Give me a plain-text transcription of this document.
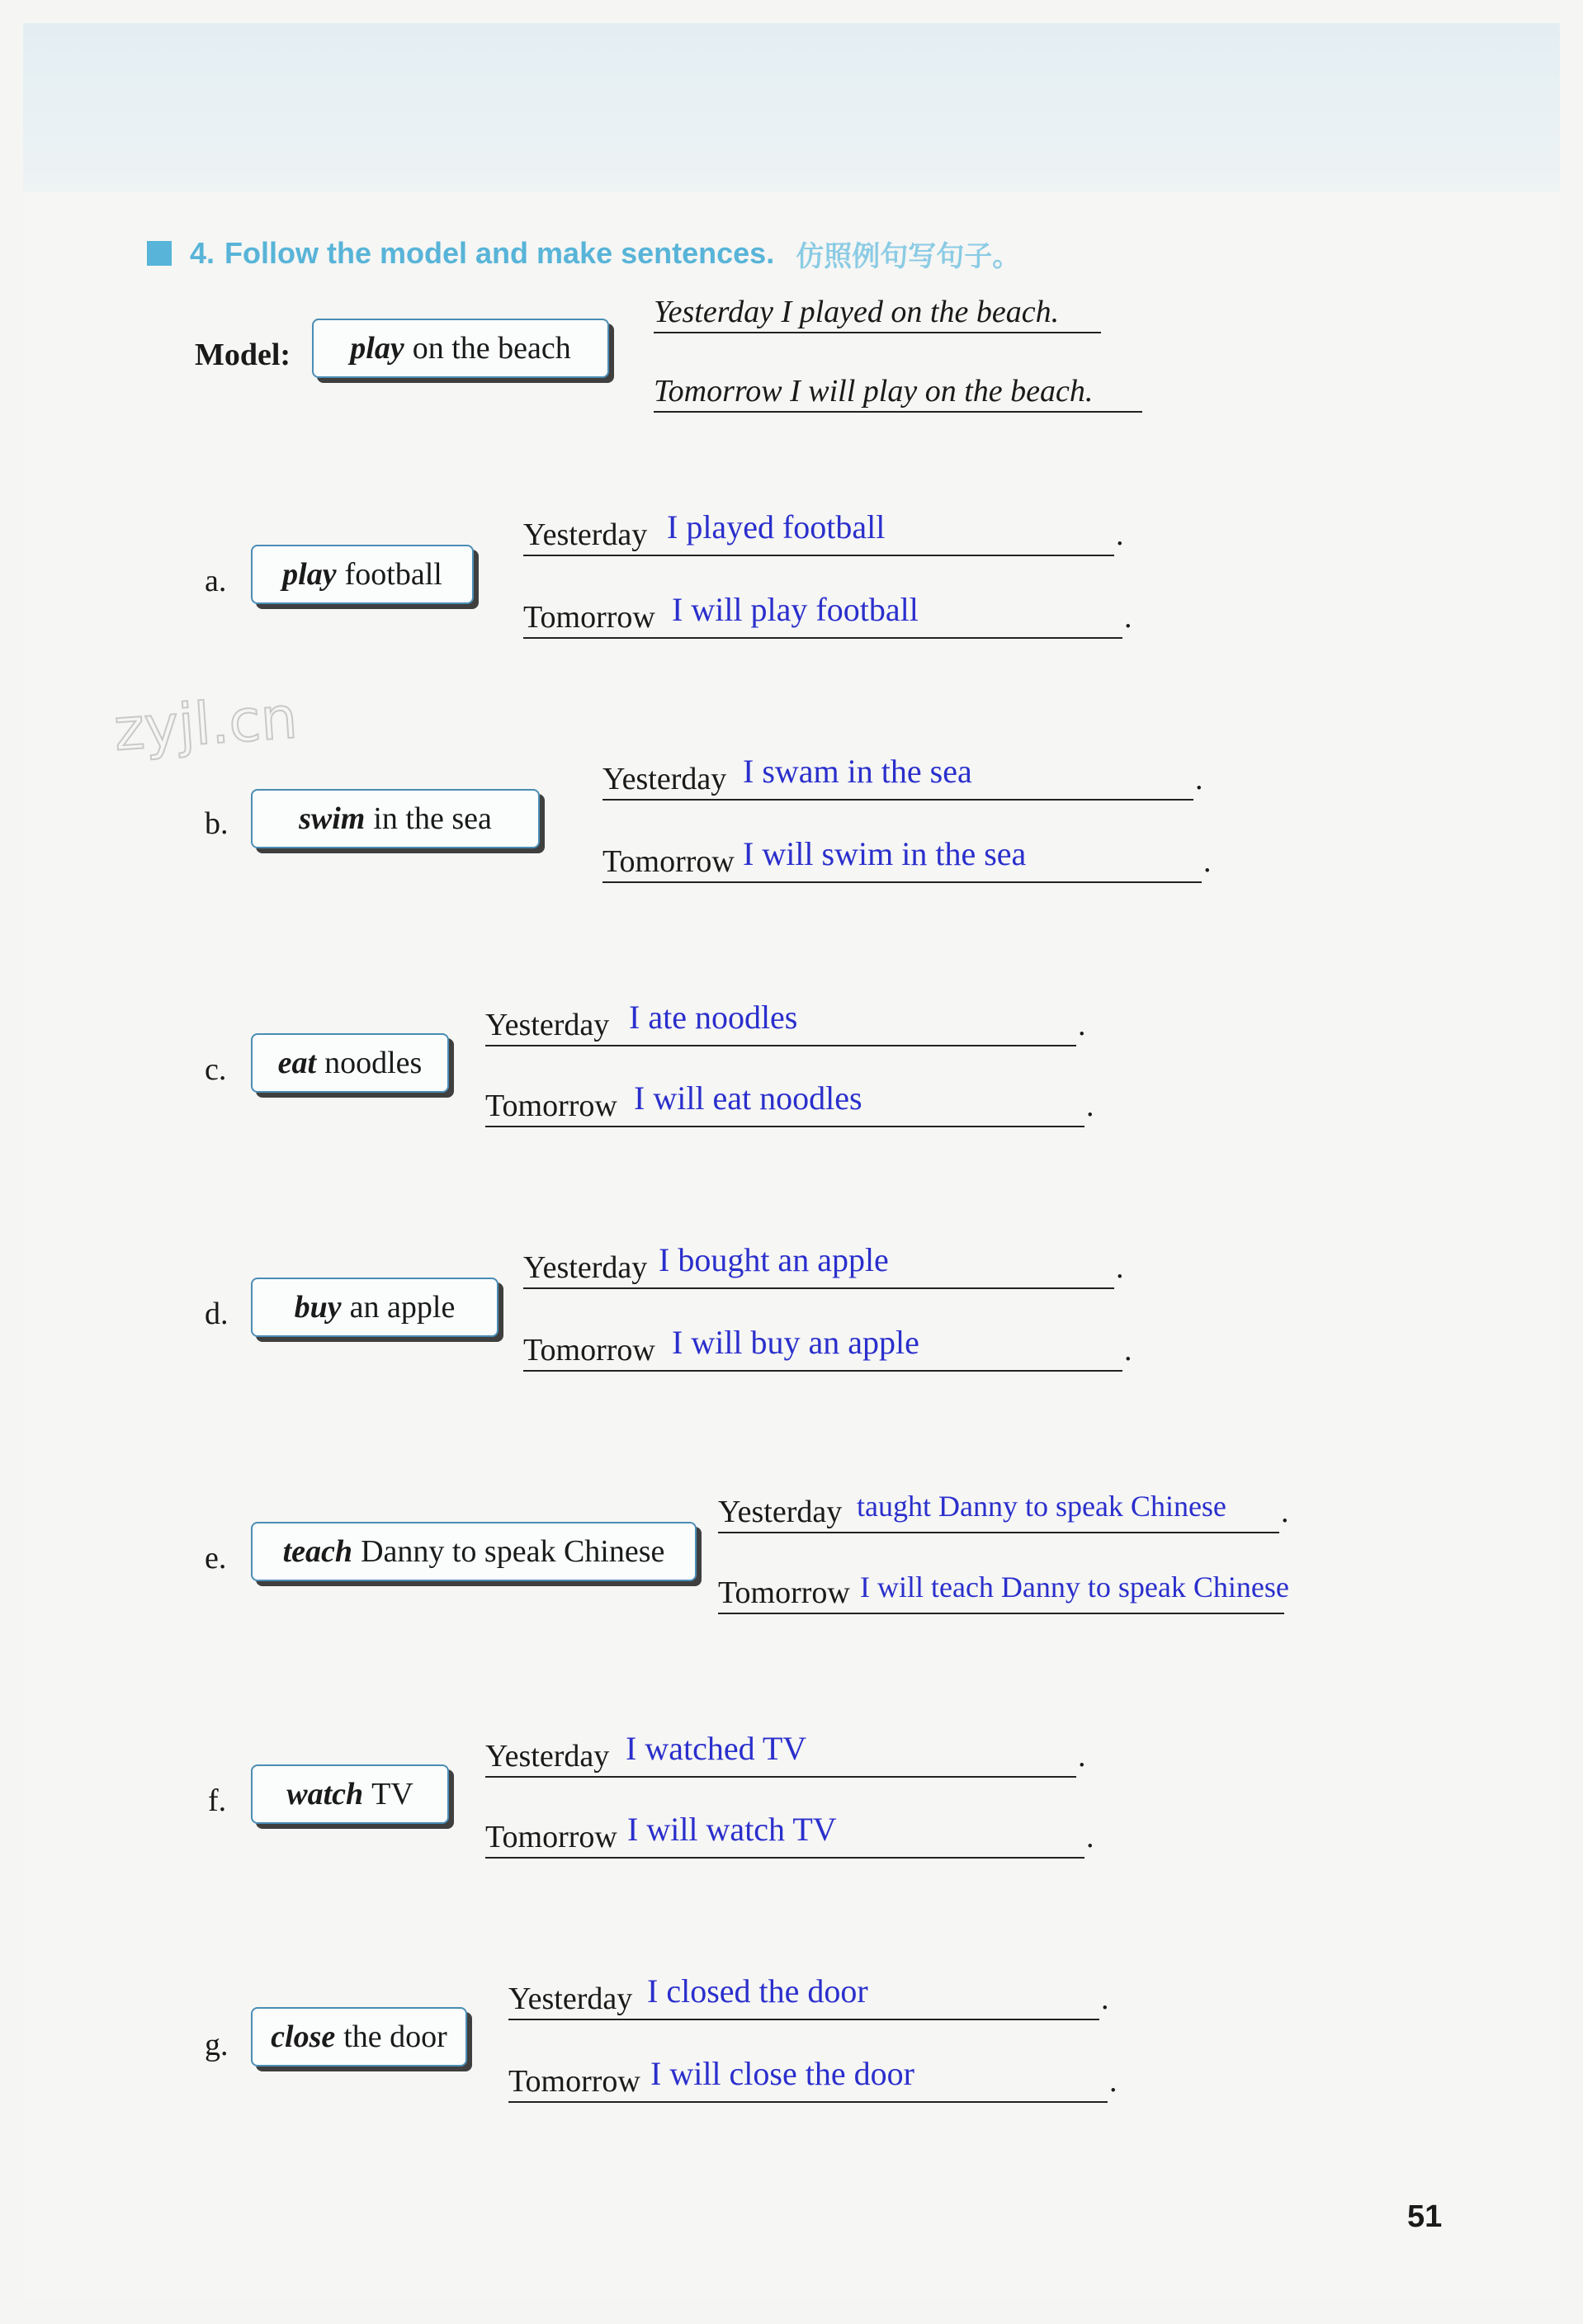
4. Follow the model and make sentences. 仿照例句写句子。
Model: play on the beach
Yesterday I played on the beach.
Tomorrow I will play on the beach.
zyjl.cn
a. play football
Yesterday I played football	.
Tomorrow I will play football	.
b. swim in the sea
Yesterday I swam in the sea	.
Tomorrow I will swim in the sea	.
c. eat noodles
Yesterday I ate noodles	.
Tomorrow I will eat noodles	.
d. buy an apple
Yesterday I bought an apple	.
Tomorrow I will buy an apple	.
e. teach Danny to speak Chinese
Yesterday taught Danny to speak Chinese .
Tomorrow I will teach Danny to speak Chinese
f. watch TV
Yesterday I watched TV	.
Tomorrow I will watch TV	.
g. close the door
Yesterday I closed the door	.
Tomorrow I will close the door	.
51
